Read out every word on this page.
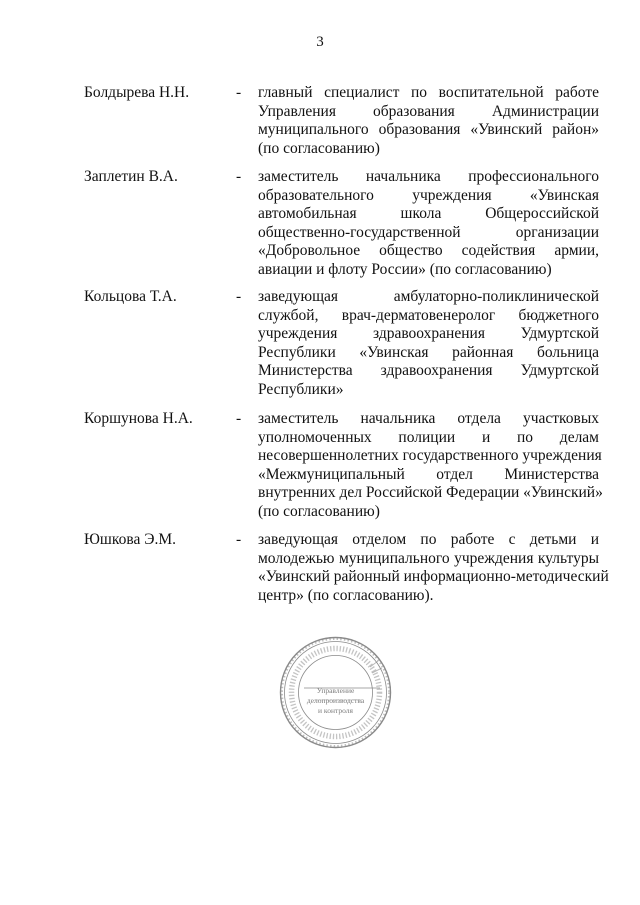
3
Болдырева Н.Н.	- главный специалист по воспитательной работе
Управления образования Администрации
муниципального образования «Увинский район»
(по согласованию)
Заплетин В.А.	- заместитель начальника профессионального
образовательного учреждения «Увинская
автомобильная школа Общероссийской
общественно-государственной организации
«Добровольное общество содействия армии,
авиации и флоту России» (по согласованию)
Кольцова Т.А.	- заведующая амбулаторно-поликлинической
службой, врач-дерматовенеролог бюджетного
учреждения здравоохранения Удмуртской
Республики «Увинская районная больница
Министерства здравоохранения Удмуртской
Республики»
Коршунова Н.А.	- заместитель начальника отдела участковых
уполномоченных полиции и по делам
несовершеннолетних государственного учреждения
«Межмуниципальный отдел Министерства
внутренних дел Российской Федерации «Увинский»
(по согласованию)
Юшкова Э.М.	- заведующая отделом по работе с детьми и
молодежью муниципального учреждения культуры
«Увинский районный информационно-методический
центр» (по согласованию).
Управление
делопроизводства
и контроля
